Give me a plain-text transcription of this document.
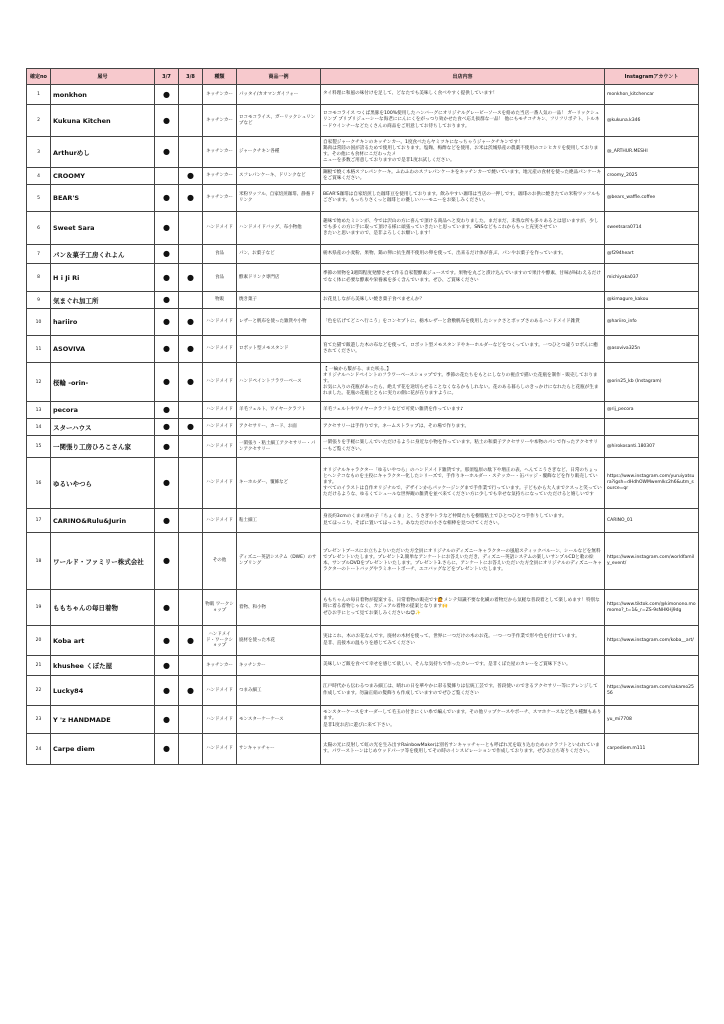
確定no	屋号	3/7	3/8	種類	商品一例	出店内容	Instagramアカウント
1	monkhon	●		キッチンカー	パッタイ/カオマンガイフォー	タイ料理に和風の味付けを足して、どなたでも美味しく食べやすく提供しています！	monkhon_kitchencar
2	Kukuna Kitchen	●		キッチンカー	ロコモコライス、ガーリックシュリンプなど	ロコモコライス つくば黒豚を100%使用したハンバーグにオリジナルグレービーソースを絡めた当店一番人気の一品！ ガーリックシュリンプ プリプリジューシーな海老ににんにくをがっつり効かせた食べ応え抜群な一品！ 他にもモチコチキン、フリフリポテト、トルネードウインナーなどたくさんの商品をご用意してお待ちしております。	@kukuna.k346
3	Arthurめし	●		キッチンカー	ジャークチキン各種	自家製ジャークチキンのキッチンカー。1度食べたらヤミツキになっちゃうジャークチキンです！
鶏肉は常陸の国が誇るためで使用しております。塩麹、梅酢などを使用、お米は茨城県産の農薬不使用のコシヒカリを使用しております。その他にも食材にこだわったメ
ニューを多数ご用意しておりますので是非1度お試しください。	@_ARTHUR.MESHI
4	CROOMY		●	キッチンカー	スフレパンケーキ、ドリンクなど	鋼板で焼く本格スフレパンケーキ。ふわふわのスフレパンケーキをキッチンカーで焼いています。地元産の食材を使った絶品パンケーキをご賞味ください。	croomy_2025
5	BEAR'S	●	●	キッチンカー	米粉ワッフル、自家焙煎珈琲、静養ドリンク	BEAR'S珈琲は自家焙煎した珈琲豆を使用しております。飲みやすい珈琲は当店の一押しです。珈琲のお供に焼きたての米粉ワッフルもございます。もっちりさくっと珈琲との優しいハーモニーをお楽しみください。	@bears_waffle.coffee
6	Sweet Sara	●		ハンドメイド	ハンドメイドバッグ、布小物他	趣味で始めたミシンが、今では沢山の方に喜んで頂ける商品へと変わりました。まだまだ、未熟な所も多々あるとは思いますが、少しでも多くの方に手に取って頂ける様に頑張っていきたいと思っています。SNSなどもこれからもっと充実させてい
きたいと思いますので、是非よろしくお願いします！	sweetsara0714
7	パン＆菓子工房くれよん	●		食品	パン、お菓子など	栃木県産の小麦粉、果物、鶏の卵に抗生剤不使用の卵を使って、出来るだけ体が喜ぶ、パンやお菓子を作っています。	@f294heart
8	H i Ji Ri	●	●	食品	酵素ドリンク専門店	季節の果物を3週間程度発酵させて作る自家製酵素ジュースです。果物を丸ごと漬け込んでいますので果汁や酵素、甘味が味わえるだけでなく体に必要な酵素や栄養素を多く含んでいます。ぜひ、ご賞味ください	michiyaka037
9	気まぐれ加工所	●		物販	焼き菓子	お花見しながら美味しい焼き菓子食べませんか？	@kimagure_kakou
10	hariiro	●	●	ハンドメイド	レザーと帆布を使った雑貨や小物	「色を広げてどこへ行こう」をコンセプトに、栃木レザーと倉敷帆布を使用したシックさとポップさのあるハンドメイド雑貨	@hariiro_info
11	ASOVIVA	●	●	ハンドメイド	ロボット型メモスタンド	育てた猫で飯遊した木の布などを使って、ロボット型メモスタンドやキーホルダーなどをつくっています。一つひとつ違うロボんに癒されてください。	@asoviva325n
12	桜輪 -orin-	●	●	ハンドメイド	ハンドペイントフラワーベース	【 一輪から繋がる、また咲る。】
オリジナルハンドペイントのフラワーベースショップです。季節の花たちをもとにしなりの視点で描いた花瓶を制作・販売しております。
お気に入りの花瓶があったら、絶えず花を途切らせることなくなるかもしれない。花のある暮らしのきっかけになれたらと花瓶が生まれました。花瓶の花瓶とともに実力の側に花が在りますように。	@orin25_kb (Instagram)
13	pecora	●		ハンドメイド	羊毛フェルト、ワイヤークラフト	羊毛フェルトやワイヤークラフトなどで可愛い雑貨を作っています♪	@rij_pecora
14	スターハウス	●	●	ハンドメイド	アクセサリー、カード、お面	アクセサリーは手作りです。ネームストラップは、その場で作ります。	
15	一関張り工房ひろこさん家	●		ハンドメイド	一閑張り・粘土細工アクセサリー・パンアクセサリー	一閑張りを手軽に楽しんでいただけるように身近な小物を作っています。粘土の和菓子アクセサリーや本物のパンで作ったアクセサリーもご覧ください。	@hirokosanti.180307
16	ゆるいやつら	●		ハンドメイド	キーホルダー、覆飾など	オリジナルキャラクター「ゆるいやつら」のハンドメイド雑貨です。那須塩原の駄下や増正の表、へんてこうさぎなど、日常のちょっとへンテコなものを主役にキャラクター化したシリーズで、手作りキーホルダー・ステッカー・缶バッジ・覆飾などを作り販売しています。
すべてのイラストは自作オリジナルで、デザインからパッケージングまで手作業で行っています。子どもから大人までクスっと笑っていただけるような、ゆるくてシュールな世界観の雑貨を並べ来てください方に少しでも幸せな気持ちになっていただけると嬉しいです	https://www.instagram.com/yuruiyatsura?igsh=dHdhOWMwemlkc2h6&utm_source=qr
17	CARINO&Rulu&Jurin	●		ハンドメイド	粘土細工	身長約3cmのくまの男の子「ちょくま」と、うさぎやトラなど仲間たちを樹脂粘土でひとつひとつ手作りしています。
見てほっこり、そばに置いてほっこり。あなただけの小さな相棒を見つけてください。	CARINO_01
18	ワールド・ファミリー株式会社	●		その他	ディズニー英語システム（DWE）のサンプリング	プレゼントブースにお立ちよりいただいた方全員にオリジナルのディズニーキャラクターの風船スティックバルーン、シールなどを無料でプレゼントいたします。プレゼント2,簡単なアンケートにお答えいただき、ディズニー英語システムの楽しいサンプルCDと歌の絵本、サンプルDVDをプレゼントいたします。プレゼント3.さらに、アンケートにお答えいただいた方全員にオリジナルのディズニーキャラクターのトートバッグやラミネートポーチ、エコバッグなどをプレゼントいたします。	https://www.instagram.com/worldfamily_event/
19	ももちゃんの毎日着物	●		物販 ワークショップ	着物、和小物	ももちゃんの毎日着物が提案する、日常着物の販売です🙋メンテ知識不要な化繊の着物だから気軽な普段着として楽しめます！特別な時に着る着物じゃなく、カジュアル着物の提案となります🙌
ぜひお手にとって見てお楽しみくださいね😊✨	https://www.tiktok.com/@kimonono.momomo?_t=1&_r=ZS-9sNHKHj9dg
20	Koba art	●	●	ハンドメイド・ワークショップ	廃材を使った木花	実はこれ、木のお花なんです。廃材の木材を使って、世界に一つだけの木のお花。一つ一つ手作業で形や色を付けています。
是非、直接木の温もりを感じてみてください	https://www.instagram.com/koba__art/
21	khushee くぼた屋	●		キッチンカー	キッチンカー	美味しいご飯を食べて幸せを感じて欲しい、そんな気持ちで作ったカレーです。是非くぼた屋のカレーをご賞味下さい。	
22	Lucky84	●	●	ハンドメイド	つまみ細工	江戸時代から伝わるつまみ細工は、晴れの日を華やかに彩る髪飾りは伝統工芸です。普段使いのできるアクセサリー等にアレンジして作成しています。勿論正絹の髪飾りも作成していますのでぜひご覧ください	https://www.instagram.com/sakamo2556
23	Y 'z HANDMADE	●		ハンドメイド	モンスターケーケース	モンスターケースをオーダーして毛玉の付きにくい糸で編んでいます。その他リップケースやポーチ、スマホケースなど色々種類もあります。
是非1度お店に遊びに来て下さい。	yu_mi7708
24	Carpe diem	●		ハンドメイド	サンキャッチャー	太陽の光に反射して虹の光を生み出すRainbowMakerは別名サンキャッチャーとも呼ばれ光を取り込むためのクラフトといわれています。パワーストーンはじめウッドパーツ等を使用してその時のインスピレーションで作成しております。ぜひお立ち寄りください。	carpediem.m111
